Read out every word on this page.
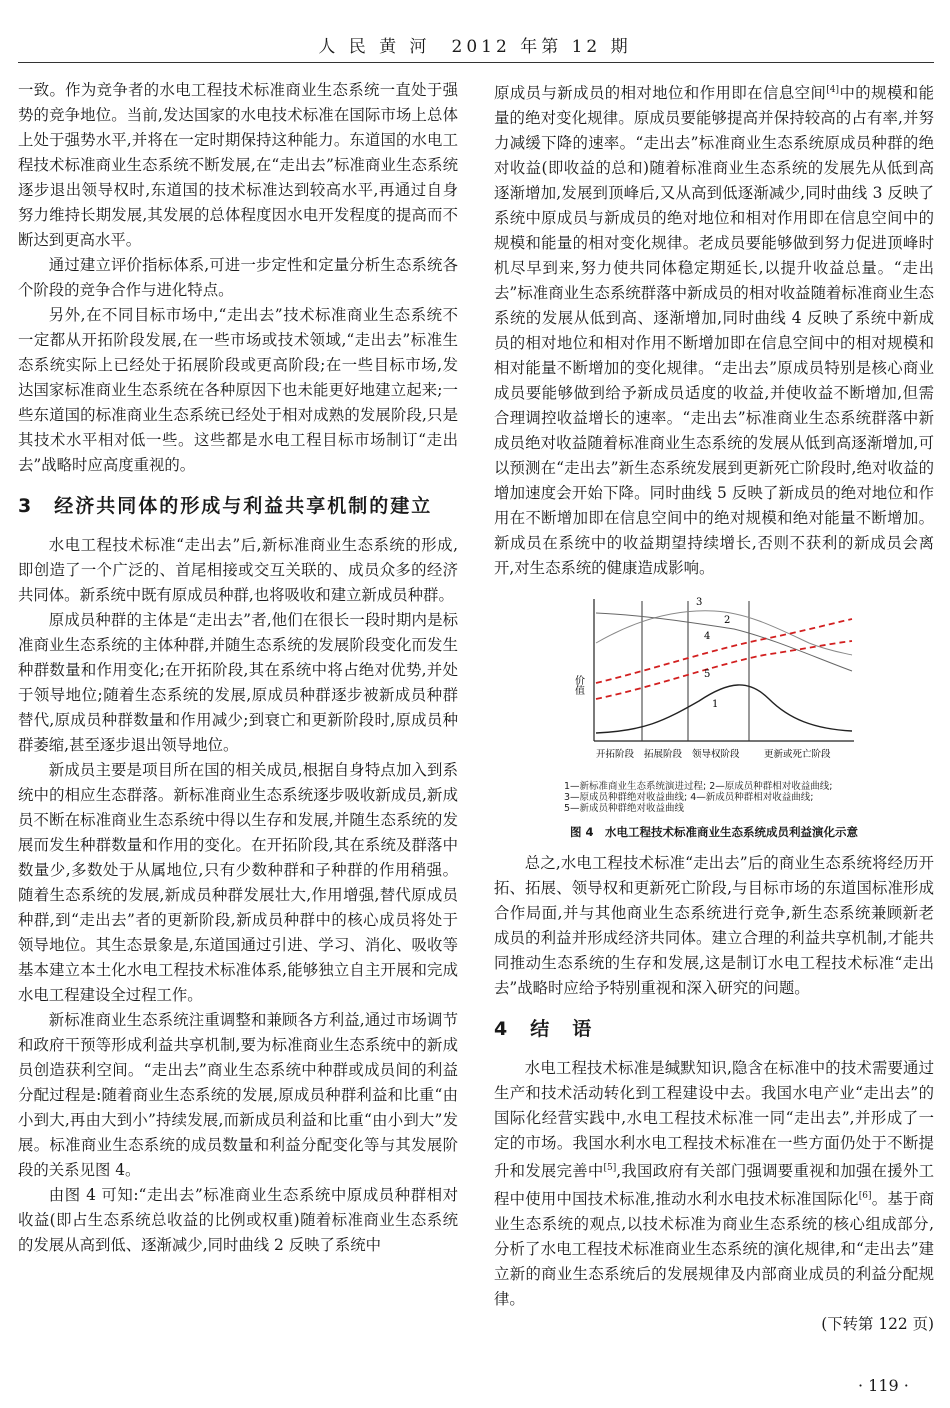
人 民 黄 河　2012 年第 12 期

一致。作为竞争者的水电工程技术标准商业生态系统一直处于强势的竞争地位。当前,发达国家的水电技术标准在国际市场上总体上处于强势水平,并将在一定时期保持这种能力。东道国的水电工程技术标准商业生态系统不断发展,在“走出去”标准商业生态系统逐步退出领导权时,东道国的技术标准达到较高水平,再通过自身努力维持长期发展,其发展的总体程度因水电开发程度的提高而不断达到更高水平。

通过建立评价指标体系,可进一步定性和定量分析生态系统各个阶段的竞争合作与进化特点。

另外,在不同目标市场中,“走出去”技术标准商业生态系统不一定都从开拓阶段发展,在一些市场或技术领域,“走出去”标准生态系统实际上已经处于拓展阶段或更高阶段;在一些目标市场,发达国家标准商业生态系统在各种原因下也未能更好地建立起来;一些东道国的标准商业生态系统已经处于相对成熟的发展阶段,只是其技术水平相对低一些。这些都是水电工程目标市场制订“走出去”战略时应高度重视的。

3　经济共同体的形成与利益共享机制的建立

水电工程技术标准“走出去”后,新标准商业生态系统的形成,即创造了一个广泛的、首尾相接或交互关联的、成员众多的经济共同体。新系统中既有原成员种群,也将吸收和建立新成员种群。

原成员种群的主体是“走出去”者,他们在很长一段时期内是标准商业生态系统的主体种群,并随生态系统的发展阶段变化而发生种群数量和作用变化;在开拓阶段,其在系统中将占绝对优势,并处于领导地位;随着生态系统的发展,原成员种群逐步被新成员种群替代,原成员种群数量和作用减少;到衰亡和更新阶段时,原成员种群萎缩,甚至逐步退出领导地位。

新成员主要是项目所在国的相关成员,根据自身特点加入到系统中的相应生态群落。新标准商业生态系统逐步吸收新成员,新成员不断在标准商业生态系统中得以生存和发展,并随生态系统的发展而发生种群数量和作用的变化。在开拓阶段,其在系统及群落中数量少,多数处于从属地位,只有少数种群和子种群的作用稍强。随着生态系统的发展,新成员种群发展壮大,作用增强,替代原成员种群,到“走出去”者的更新阶段,新成员种群中的核心成员将处于领导地位。其生态景象是,东道国通过引进、学习、消化、吸收等基本建立本土化水电工程技术标准体系,能够独立自主开展和完成水电工程建设全过程工作。

新标准商业生态系统注重调整和兼顾各方利益,通过市场调节和政府干预等形成利益共享机制,要为标准商业生态系统中的新成员创造获利空间。“走出去”商业生态系统中种群或成员间的利益分配过程是:随着商业生态系统的发展,原成员种群利益和比重“由小到大,再由大到小”持续发展,而新成员利益和比重“由小到大”发展。标准商业生态系统的成员数量和利益分配变化等与其发展阶段的关系见图 4。

由图 4 可知:“走出去”标准商业生态系统中原成员种群相对收益(即占生态系统总收益的比例或权重)随着标准商业生态系统的发展从高到低、逐渐减少,同时曲线 2 反映了系统中

原成员与新成员的相对地位和作用即在信息空间[4]中的规模和能量的绝对变化规律。原成员要能够提高并保持较高的占有率,并努力减缓下降的速率。“走出去”标准商业生态系统原成员种群的绝对收益(即收益的总和)随着标准商业生态系统的发展先从低到高逐渐增加,发展到顶峰后,又从高到低逐渐减少,同时曲线 3 反映了系统中原成员与新成员的绝对地位和相对作用即在信息空间中的规模和能量的相对变化规律。老成员要能够做到努力促进顶峰时机尽早到来,努力使共同体稳定期延长,以提升收益总量。“走出去”标准商业生态系统群落中新成员的相对收益随着标准商业生态系统的发展从低到高、逐渐增加,同时曲线 4 反映了系统中新成员的相对地位和相对作用不断增加即在信息空间中的相对规模和相对能量不断增加的变化规律。“走出去”原成员特别是核心商业成员要能够做到给予新成员适度的收益,并使收益不断增加,但需合理调控收益增长的速率。“走出去”标准商业生态系统群落中新成员绝对收益随着标准商业生态系统的发展从低到高逐渐增加,可以预测在“走出去”新生态系统发展到更新死亡阶段时,绝对收益的增加速度会开始下降。同时曲线 5 反映了新成员的绝对地位和作用在不断增加即在信息空间中的绝对规模和绝对能量不断增加。新成员在系统中的收益期望持续增长,否则不获利的新成员会离开,对生态系统的健康造成影响。

1
2
3
4
5
价值
开拓阶段 拓展阶段 领导权阶段	更新或死亡阶段
1—新标准商业生态系统演进过程; 2—原成员种群相对收益曲线;
3—原成员种群绝对收益曲线; 4—新成员种群相对收益曲线;
5—新成员种群绝对收益曲线
图 4　水电工程技术标准商业生态系统成员利益演化示意

总之,水电工程技术标准“走出去”后的商业生态系统将经历开拓、拓展、领导权和更新死亡阶段,与目标市场的东道国标准形成合作局面,并与其他商业生态系统进行竞争,新生态系统兼顾新老成员的利益并形成经济共同体。建立合理的利益共享机制,才能共同推动生态系统的生存和发展,这是制订水电工程技术标准“走出去”战略时应给予特别重视和深入研究的问题。

4　结　语

水电工程技术标准是缄默知识,隐含在标准中的技术需要通过生产和技术活动转化到工程建设中去。我国水电产业“走出去”的国际化经营实践中,水电工程技术标准一同“走出去”,并形成了一定的市场。我国水利水电工程技术标准在一些方面仍处于不断提升和发展完善中[5],我国政府有关部门强调要重视和加强在援外工程中使用中国技术标准,推动水利水电技术标准国际化[6]。基于商业生态系统的观点,以技术标准为商业生态系统的核心组成部分,分析了水电工程技术标准商业生态系统的演化规律,和“走出去”建立新的商业生态系统后的发展规律及内部商业成员的利益分配规律。

(下转第 122 页)
· 119 ·
